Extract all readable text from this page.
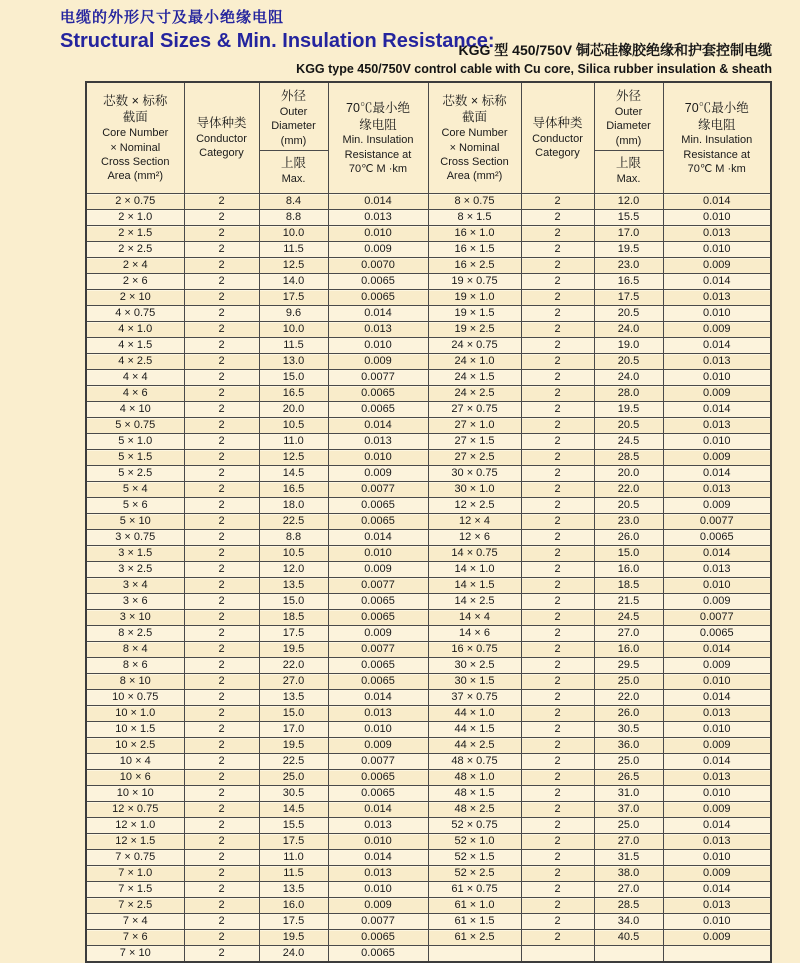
电缆的外形尺寸及最小绝缘电阻
Structural Sizes & Min. Insulation Resistance:
KGG 型 450/750V 铜芯硅橡胶绝缘和护套控制电缆
KGG type 450/750V control cable with Cu core, Silica rubber insulation & sheath
芯数 × 标称
截面
Core Number
× Nominal
Cross Section
Area (mm²)

导体种类
Conductor
Category

外径
Outer
Diameter
(mm)
上限
Max.

70℃最小绝
缘电阻
Min. Insulation
Resistance at
70℃ M ·km

芯数 × 标称
截面
Core Number
× Nominal
Cross Section
Area (mm²)

导体种类
Conductor
Category

外径
Outer
Diameter
(mm)
上限
Max.

70℃最小绝
缘电阻
Min. Insulation
Resistance at
70℃ M ·km

2 × 0.75	2	8.4	0.014	8 × 0.75	2	12.0	0.014
2 × 1.0	2	8.8	0.013	8 × 1.5	2	15.5	0.010
2 × 1.5	2	10.0	0.010	16 × 1.0	2	17.0	0.013
2 × 2.5	2	11.5	0.009	16 × 1.5	2	19.5	0.010
2 × 4	2	12.5	0.0070	16 × 2.5	2	23.0	0.009
2 × 6	2	14.0	0.0065	19 × 0.75	2	16.5	0.014
2 × 10	2	17.5	0.0065	19 × 1.0	2	17.5	0.013
4 × 0.75	2	9.6	0.014	19 × 1.5	2	20.5	0.010
4 × 1.0	2	10.0	0.013	19 × 2.5	2	24.0	0.009
4 × 1.5	2	11.5	0.010	24 × 0.75	2	19.0	0.014
4 × 2.5	2	13.0	0.009	24 × 1.0	2	20.5	0.013
4 × 4	2	15.0	0.0077	24 × 1.5	2	24.0	0.010
4 × 6	2	16.5	0.0065	24 × 2.5	2	28.0	0.009
4 × 10	2	20.0	0.0065	27 × 0.75	2	19.5	0.014
5 × 0.75	2	10.5	0.014	27 × 1.0	2	20.5	0.013
5 × 1.0	2	11.0	0.013	27 × 1.5	2	24.5	0.010
5 × 1.5	2	12.5	0.010	27 × 2.5	2	28.5	0.009
5 × 2.5	2	14.5	0.009	30 × 0.75	2	20.0	0.014
5 × 4	2	16.5	0.0077	30 × 1.0	2	22.0	0.013
5 × 6	2	18.0	0.0065	12 × 2.5	2	20.5	0.009
5 × 10	2	22.5	0.0065	12 × 4	2	23.0	0.0077
3 × 0.75	2	8.8	0.014	12 × 6	2	26.0	0.0065
3 × 1.5	2	10.5	0.010	14 × 0.75	2	15.0	0.014
3 × 2.5	2	12.0	0.009	14 × 1.0	2	16.0	0.013
3 × 4	2	13.5	0.0077	14 × 1.5	2	18.5	0.010
3 × 6	2	15.0	0.0065	14 × 2.5	2	21.5	0.009
3 × 10	2	18.5	0.0065	14 × 4	2	24.5	0.0077
8 × 2.5	2	17.5	0.009	14 × 6	2	27.0	0.0065
8 × 4	2	19.5	0.0077	16 × 0.75	2	16.0	0.014
8 × 6	2	22.0	0.0065	30 × 2.5	2	29.5	0.009
8 × 10	2	27.0	0.0065	30 × 1.5	2	25.0	0.010
10 × 0.75	2	13.5	0.014	37 × 0.75	2	22.0	0.014
10 × 1.0	2	15.0	0.013	44 × 1.0	2	26.0	0.013
10 × 1.5	2	17.0	0.010	44 × 1.5	2	30.5	0.010
10 × 2.5	2	19.5	0.009	44 × 2.5	2	36.0	0.009
10 × 4	2	22.5	0.0077	48 × 0.75	2	25.0	0.014
10 × 6	2	25.0	0.0065	48 × 1.0	2	26.5	0.013
10 × 10	2	30.5	0.0065	48 × 1.5	2	31.0	0.010
12 × 0.75	2	14.5	0.014	48 × 2.5	2	37.0	0.009
12 × 1.0	2	15.5	0.013	52 × 0.75	2	25.0	0.014
12 × 1.5	2	17.5	0.010	52 × 1.0	2	27.0	0.013
7 × 0.75	2	11.0	0.014	52 × 1.5	2	31.5	0.010
7 × 1.0	2	11.5	0.013	52 × 2.5	2	38.0	0.009
7 × 1.5	2	13.5	0.010	61 × 0.75	2	27.0	0.014
7 × 2.5	2	16.0	0.009	61 × 1.0	2	28.5	0.013
7 × 4	2	17.5	0.0077	61 × 1.5	2	34.0	0.010
7 × 6	2	19.5	0.0065	61 × 2.5	2	40.5	0.009
7 × 10	2	24.0	0.0065				
